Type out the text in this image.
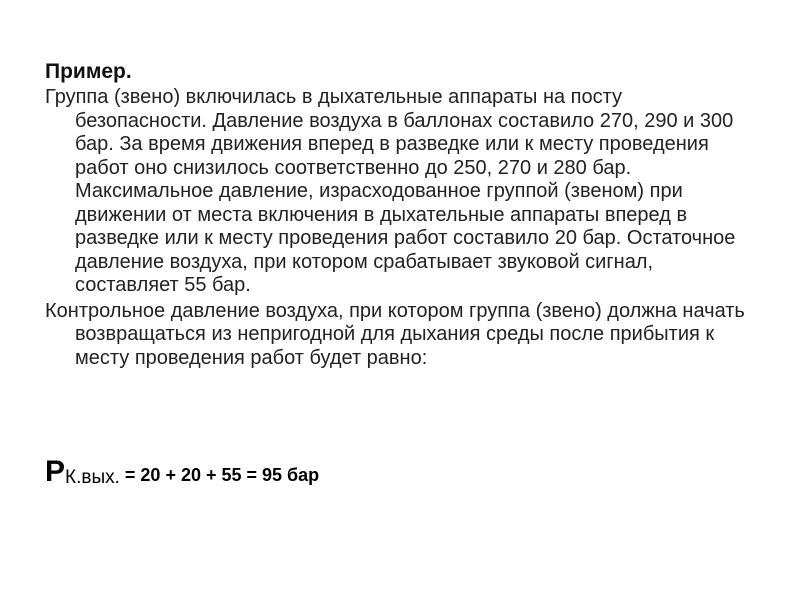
Пример.

Группа (звено) включилась в дыхательные аппараты на посту безопасности. Давление воздуха в баллонах составило 270, 290 и 300 бар. За время движения вперед в разведке или к месту проведения работ оно снизилось соответственно до 250, 270 и 280 бар. Максимальное давление, израсходованное группой (звеном) при движении от места включения в дыхательные аппараты вперед в разведке или к месту проведения работ составило 20 бар. Остаточное давление воздуха, при котором срабатывает звуковой сигнал, составляет 55 бар.

Контрольное давление воздуха, при котором группа (звено) должна начать возвращаться из непригодной для дыхания среды после прибытия к месту проведения работ будет равно:

РК.вых. = 20 + 20 + 55 = 95 бар
